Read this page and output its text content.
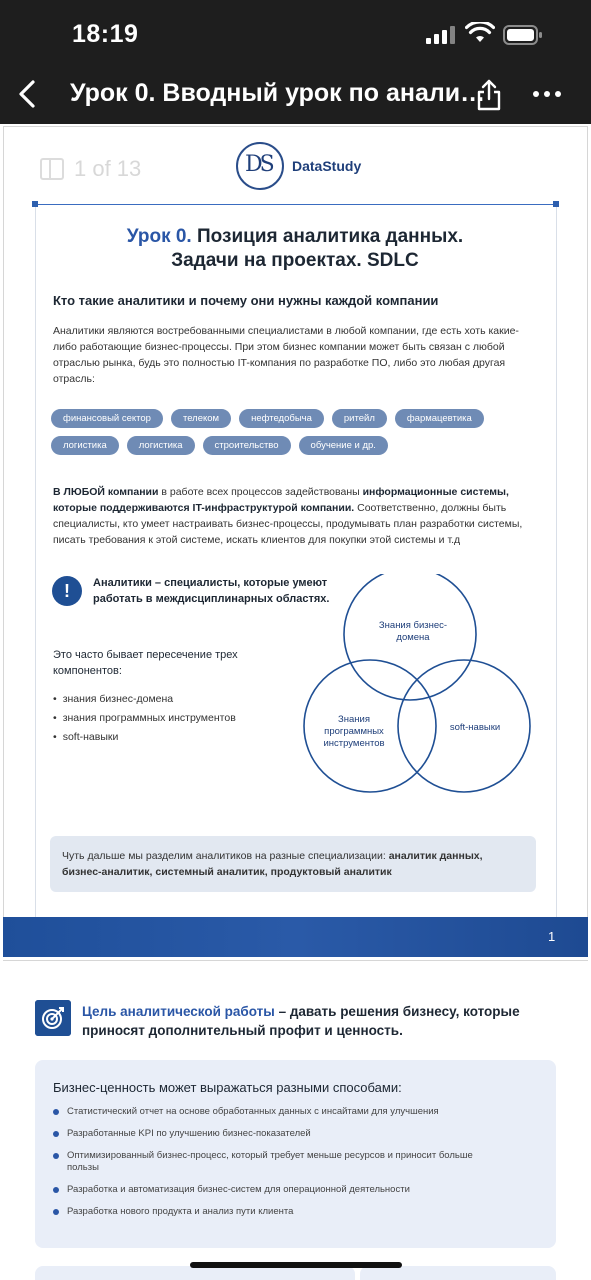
18:19
Урок 0. Вводный урок по анали…
DS DataStudy
1 of 13
Урок 0. Позиция аналитика данных.
Задачи на проектах. SDLC
Кто такие аналитики и почему они нужны каждой компании
Аналитики являются востребованными специалистами в любой компании, где есть хоть какие-либо работающие бизнес-процессы. При этом бизнес компании может быть связан с любой отраслью рынка, будь это полностью IT-компания по разработке ПО, либо это любая другая отрасль:
финансовый сектор	телеком	нефтедобыча	ритейл	фармацевтика
логистика	логистика	строительство	обучение и др.
В ЛЮБОЙ компании в работе всех процессов задействованы информационные системы, которые поддерживаются IT-инфраструктурой компании. Соответственно, должны быть специалисты, кто умеет настраивать бизнес-процессы, продумывать план разработки системы, писать требования к этой системе, искать клиентов для покупки этой системы и т.д
!	Аналитики – специалисты, которые умеют работать в междисциплинарных областях.
Это часто бывает пересечение трех компонентов:
• знания бизнес-домена
• знания программных инструментов
• soft-навыки
Знания бизнес-
домена
Знания
программных
инструментов
soft-навыки
Чуть дальше мы разделим аналитиков на разные специализации: аналитик данных, бизнес-аналитик, системный аналитик, продуктовый аналитик
1
Цель аналитической работы – давать решения бизнесу, которые приносят дополнительный профит и ценность.
Бизнес-ценность может выражаться разными способами:
Статистический отчет на основе обработанных данных с инсайтами для улучшения
Разработанные KPI по улучшению бизнес-показателей
Оптимизированный бизнес-процесс, который требует меньше ресурсов и приносит больше пользы
Разработка и автоматизация бизнес-систем для операционной деятельности
Разработка нового продукта и анализ пути клиента
